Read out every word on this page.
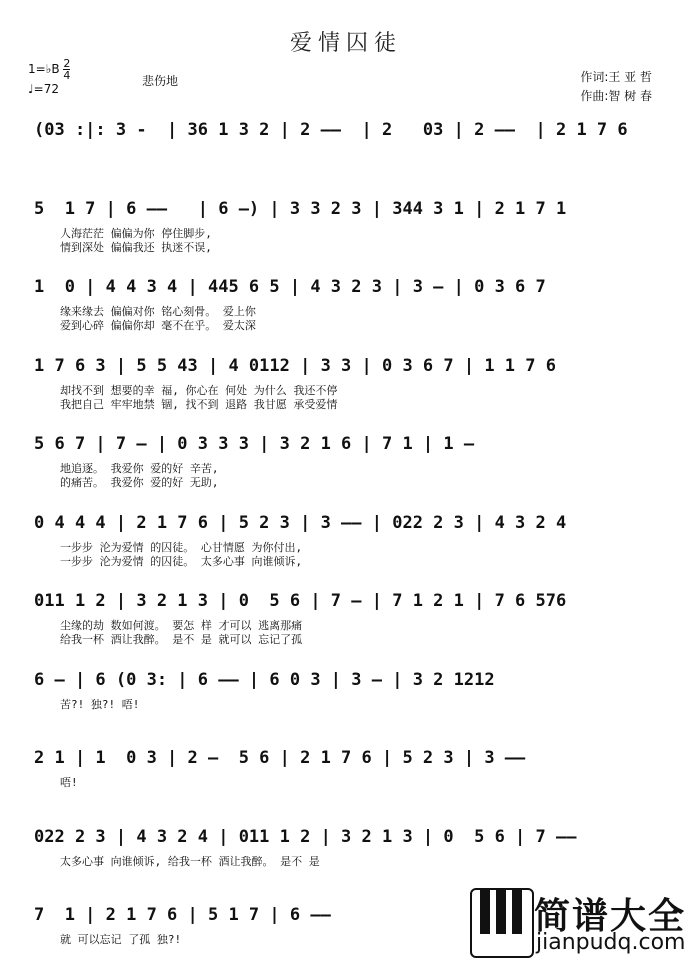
爱情囚徒
1=♭B $\frac{2}{4}$

♩=72
悲伤地	作词:王 亚 哲
作曲:智 树 春
(03 :|: 3 -  | 36 1 3 2 | 2 ——  | 2   03 | 2 ——  | 2 1 7 6
5  1 7 | 6 ——   | 6 —) | 3 3 2 3 | 344 3 1 | 2 1 7 1
人海茫茫 偏偏为你 停住脚步,
情到深处 偏偏我还 执迷不误,
1  0 | 4 4 3 4 | 445 6 5 | 4 3 2 3 | 3 — | 0 3 6 7
缘来缘去 偏偏对你 铭心刻骨。 爱上你
爱到心碎 偏偏你却 毫不在乎。 爱太深
1 7 6 3 | 5 5 43 | 4 0112 | 3 3 | 0 3 6 7 | 1 1 7 6
却找不到 想要的幸 福, 你心在 何处 为什么 我还不停
我把自己 牢牢地禁 锢, 找不到 退路 我甘愿 承受爱情
5 6 7 | 7 — | 0 3 3 3 | 3 2 1 6 | 7 1 | 1 —
地追逐。 我爱你 爱的好 辛苦,
的痛苦。 我爱你 爱的好 无助,
0 4 4 4 | 2 1 7 6 | 5 2 3 | 3 —— | 022 2 3 | 4 3 2 4
一步步 沦为爱情 的囚徒。 心甘情愿 为你付出,
一步步 沦为爱情 的囚徒。 太多心事 向谁倾诉,
011 1 2 | 3 2 1 3 | 0  5 6 | 7 — | 7 1 2 1 | 7 6 576
尘缘的劫 数如何渡。 要怎 样 才可以 逃离那痛
给我一杯 酒让我醉。 是不 是 就可以 忘记了孤
6 — | 6 (0 3: | 6 —— | 6 0 3 | 3 — | 3 2 1212
苦?! 独?! 唔!
2 1 | 1  0 3 | 2 —  5 6 | 2 1 7 6 | 5 2 3 | 3 ——
唔!
022 2 3 | 4 3 2 4 | 011 1 2 | 3 2 1 3 | 0  5 6 | 7 ——
太多心事 向谁倾诉, 给我一杯 酒让我醉。 是不 是
7  1 | 2 1 7 6 | 5 1 7 | 6 ——
就 可以忘记 了孤 独?!
简谱大全
jianpudq.com
